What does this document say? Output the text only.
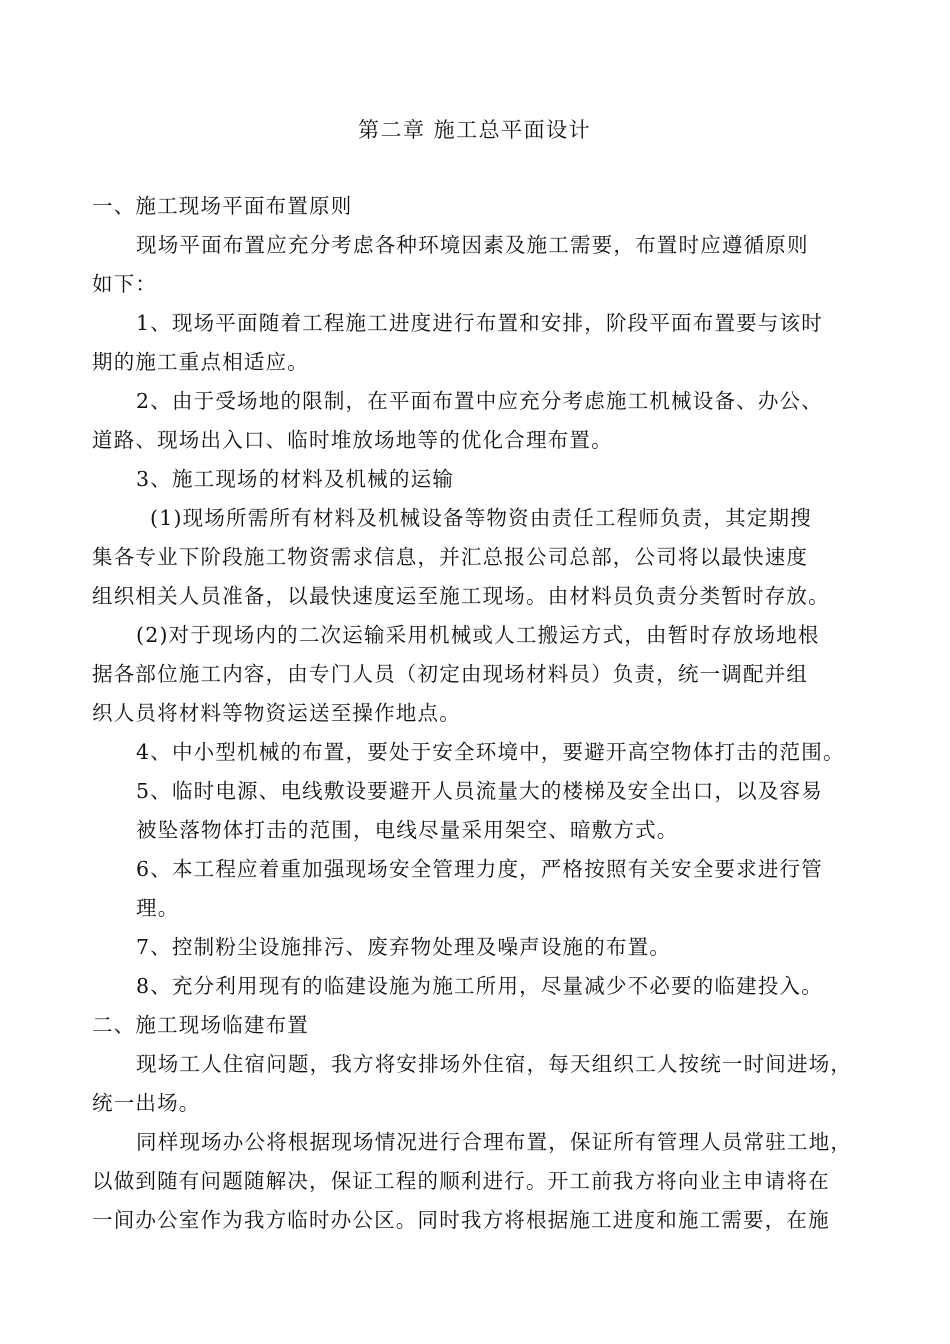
第二章 施工总平面设计
一、施工现场平面布置原则
现场平面布置应充分考虑各种环境因素及施工需要，布置时应遵循原则
如下：
1、现场平面随着工程施工进度进行布置和安排，阶段平面布置要与该时
期的施工重点相适应。
2、由于受场地的限制，在平面布置中应充分考虑施工机械设备、办公、
道路、现场出入口、临时堆放场地等的优化合理布置。
3、施工现场的材料及机械的运输
(1)现场所需所有材料及机械设备等物资由责任工程师负责，其定期搜
集各专业下阶段施工物资需求信息，并汇总报公司总部，公司将以最快速度
组织相关人员准备，以最快速度运至施工现场。由材料员负责分类暂时存放。
(2)对于现场内的二次运输采用机械或人工搬运方式，由暂时存放场地根
据各部位施工内容，由专门人员（初定由现场材料员）负责，统一调配并组
织人员将材料等物资运送至操作地点。
4、中小型机械的布置，要处于安全环境中，要避开高空物体打击的范围。
5、临时电源、电线敷设要避开人员流量大的楼梯及安全出口，以及容易
被坠落物体打击的范围，电线尽量采用架空、暗敷方式。
6、本工程应着重加强现场安全管理力度，严格按照有关安全要求进行管
理。
7、控制粉尘设施排污、废弃物处理及噪声设施的布置。
8、充分利用现有的临建设施为施工所用，尽量减少不必要的临建投入。
二、施工现场临建布置
现场工人住宿问题，我方将安排场外住宿，每天组织工人按统一时间进场，
统一出场。
同样现场办公将根据现场情况进行合理布置，保证所有管理人员常驻工地，
以做到随有问题随解决，保证工程的顺利进行。开工前我方将向业主申请将在
一间办公室作为我方临时办公区。同时我方将根据施工进度和施工需要，在施
